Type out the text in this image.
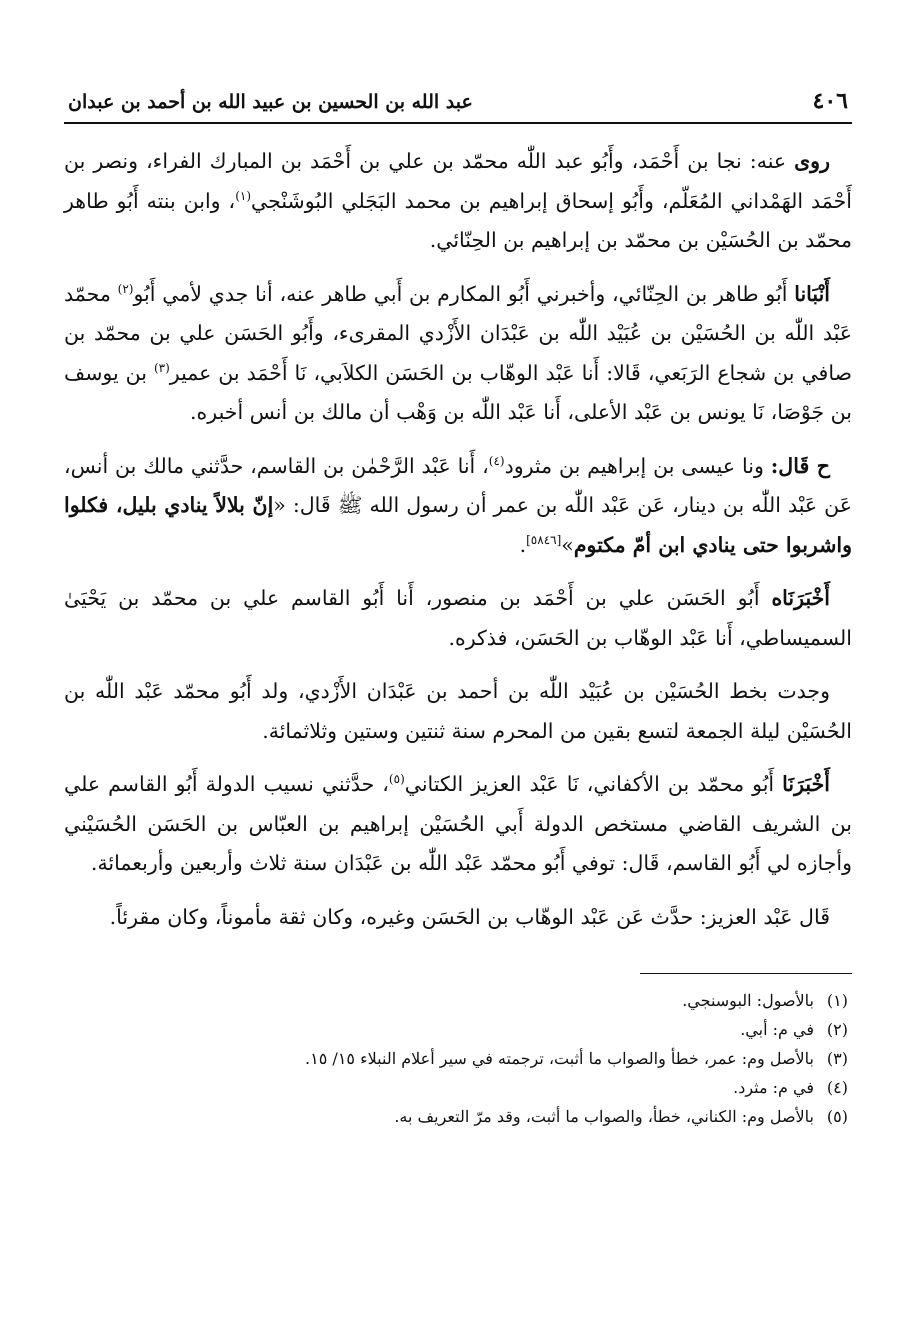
٤٠٦
عبد الله بن الحسين بن عبيد الله بن أحمد بن عبدان

روى عنه: نجا بن أَحْمَد، وأَبُو عبد اللّٰه محمّد بن علي بن أَحْمَد بن المبارك الفراء، ونصر بن أَحْمَد الهَمْداني المُعَلّم، وأَبُو إسحاق إبراهيم بن محمد البَجَلي البُوشَنْجي$^{(١)}$، وابن بنته أَبُو طاهر محمّد بن الحُسَيْن بن محمّد بن إبراهيم بن الحِنّائي.

أَنْبَانا أَبُو طاهر بن الحِنّائي، وأخبرني أَبُو المكارم بن أَبي طاهر عنه، أنا جدي لأمي أَبُو$^{(٢)}$ محمّد عَبْد اللّٰه بن الحُسَيْن بن عُبَيْد اللّٰه بن عَبْدَان الأَزْدي المقرىء، وأَبُو الحَسَن علي بن محمّد بن صافي بن شجاع الرَبَعي، قَالا: أَنا عَبْد الوهّاب بن الحَسَن الكلاَبي، نَا أَحْمَد بن عمير$^{(٣)}$ بن يوسف بن جَوْصَا، نَا يونس بن عَبْد الأعلى، أَنا عَبْد اللّٰه بن وَهْب أن مالك بن أنس أخبره.

ح قَال: ونا عيسى بن إبراهيم بن مثرود$^{(٤)}$، أَنا عَبْد الرَّحْمٰن بن القاسم، حدَّثني مالك بن أنس، عَن عَبْد اللّٰه بن دينار، عَن عَبْد اللّٰه بن عمر أن رسول الله ﷺ قَال: «إنّ بلالاً ينادي بليل، فكلوا واشربوا حتى ينادي ابن أمّ مكتوم»[٥٨٤٦].

أَخْبَرَنَاه أَبُو الحَسَن علي بن أَحْمَد بن منصور، أَنا أَبُو القاسم علي بن محمّد بن يَحْيَىٰ السميساطي، أَنا عَبْد الوهّاب بن الحَسَن، فذكره.

وجدت بخط الحُسَيْن بن عُبَيْد اللّٰه بن أحمد بن عَبْدَان الأَزْدي، ولد أَبُو محمّد عَبْد اللّٰه بن الحُسَيْن ليلة الجمعة لتسع بقين من المحرم سنة ثنتين وستين وثلاثمائة.

أَخْبَرَنَا أَبُو محمّد بن الأكفاني، نَا عَبْد العزيز الكتاني$^{(٥)}$، حدَّثني نسيب الدولة أَبُو القاسم علي بن الشريف القاضي مستخص الدولة أَبي الحُسَيْن إبراهيم بن العبّاس بن الحَسَن الحُسَيْني وأجازه لي أَبُو القاسم، قَال: توفي أَبُو محمّد عَبْد اللّٰه بن عَبْدَان سنة ثلاث وأربعين وأربعمائة.

قَال عَبْد العزيز: حدَّث عَن عَبْد الوهّاب بن الحَسَن وغيره، وكان ثقة مأموناً، وكان مقرئاً.

(١)بالأصول: البوسنجي.
(٢)في م: أبي.
(٣)بالأصل وم: عمر، خطأ والصواب ما أثبت، ترجمته في سير أعلام النبلاء ١٥/ ١٥.
(٤)في م: مثرد.
(٥)بالأصل وم: الكناني، خطأ، والصواب ما أثبت، وقد مرّ التعريف به.
